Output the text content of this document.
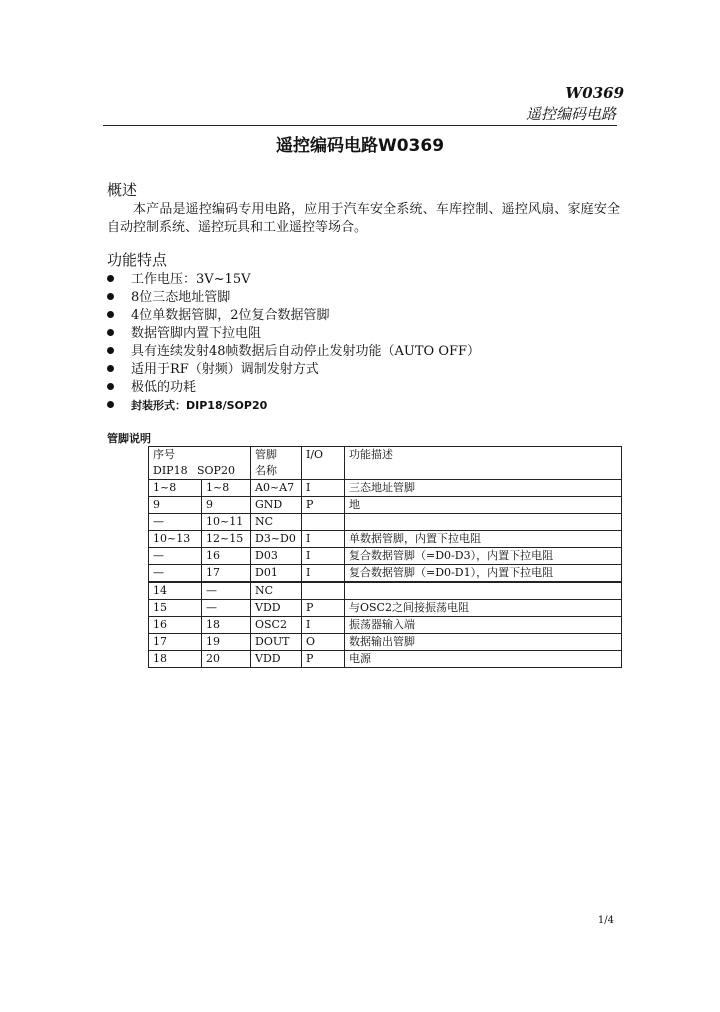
W0369
遥控编码电路
遥控编码电路W0369
概述
本产品是遥控编码专用电路，应用于汽车安全系统、车库控制、遥控风扇、家庭安全自动控制系统、遥控玩具和工业遥控等场合。
功能特点
工作电压：3V~15V
8位三态地址管脚
4位单数据管脚，2位复合数据管脚
数据管脚内置下拉电阻
具有连续发射48帧数据后自动停止发射功能（AUTO OFF）
适用于RF（射频）调制发射方式
极低的功耗
封装形式：DIP18/SOP20
管脚说明
序号
DIP18 SOP20		管脚名称	I/O	功能描述
1~8	1~8	A0~A7	I	三态地址管脚
9	9	GND	P	地
—	10~11	NC		
10~13	12~15	D3~D0	I	单数据管脚，内置下拉电阻
—	16	D03	I	复合数据管脚（=D0-D3），内置下拉电阻
—	17	D01	I	复合数据管脚（=D0-D1），内置下拉电阻
14	—	NC		
15	—	VDD	P	与OSC2之间接振荡电阻
16	18	OSC2	I	振荡器输入端
17	19	DOUT	O	数据输出管脚
18	20	VDD	P	电源
1/4
